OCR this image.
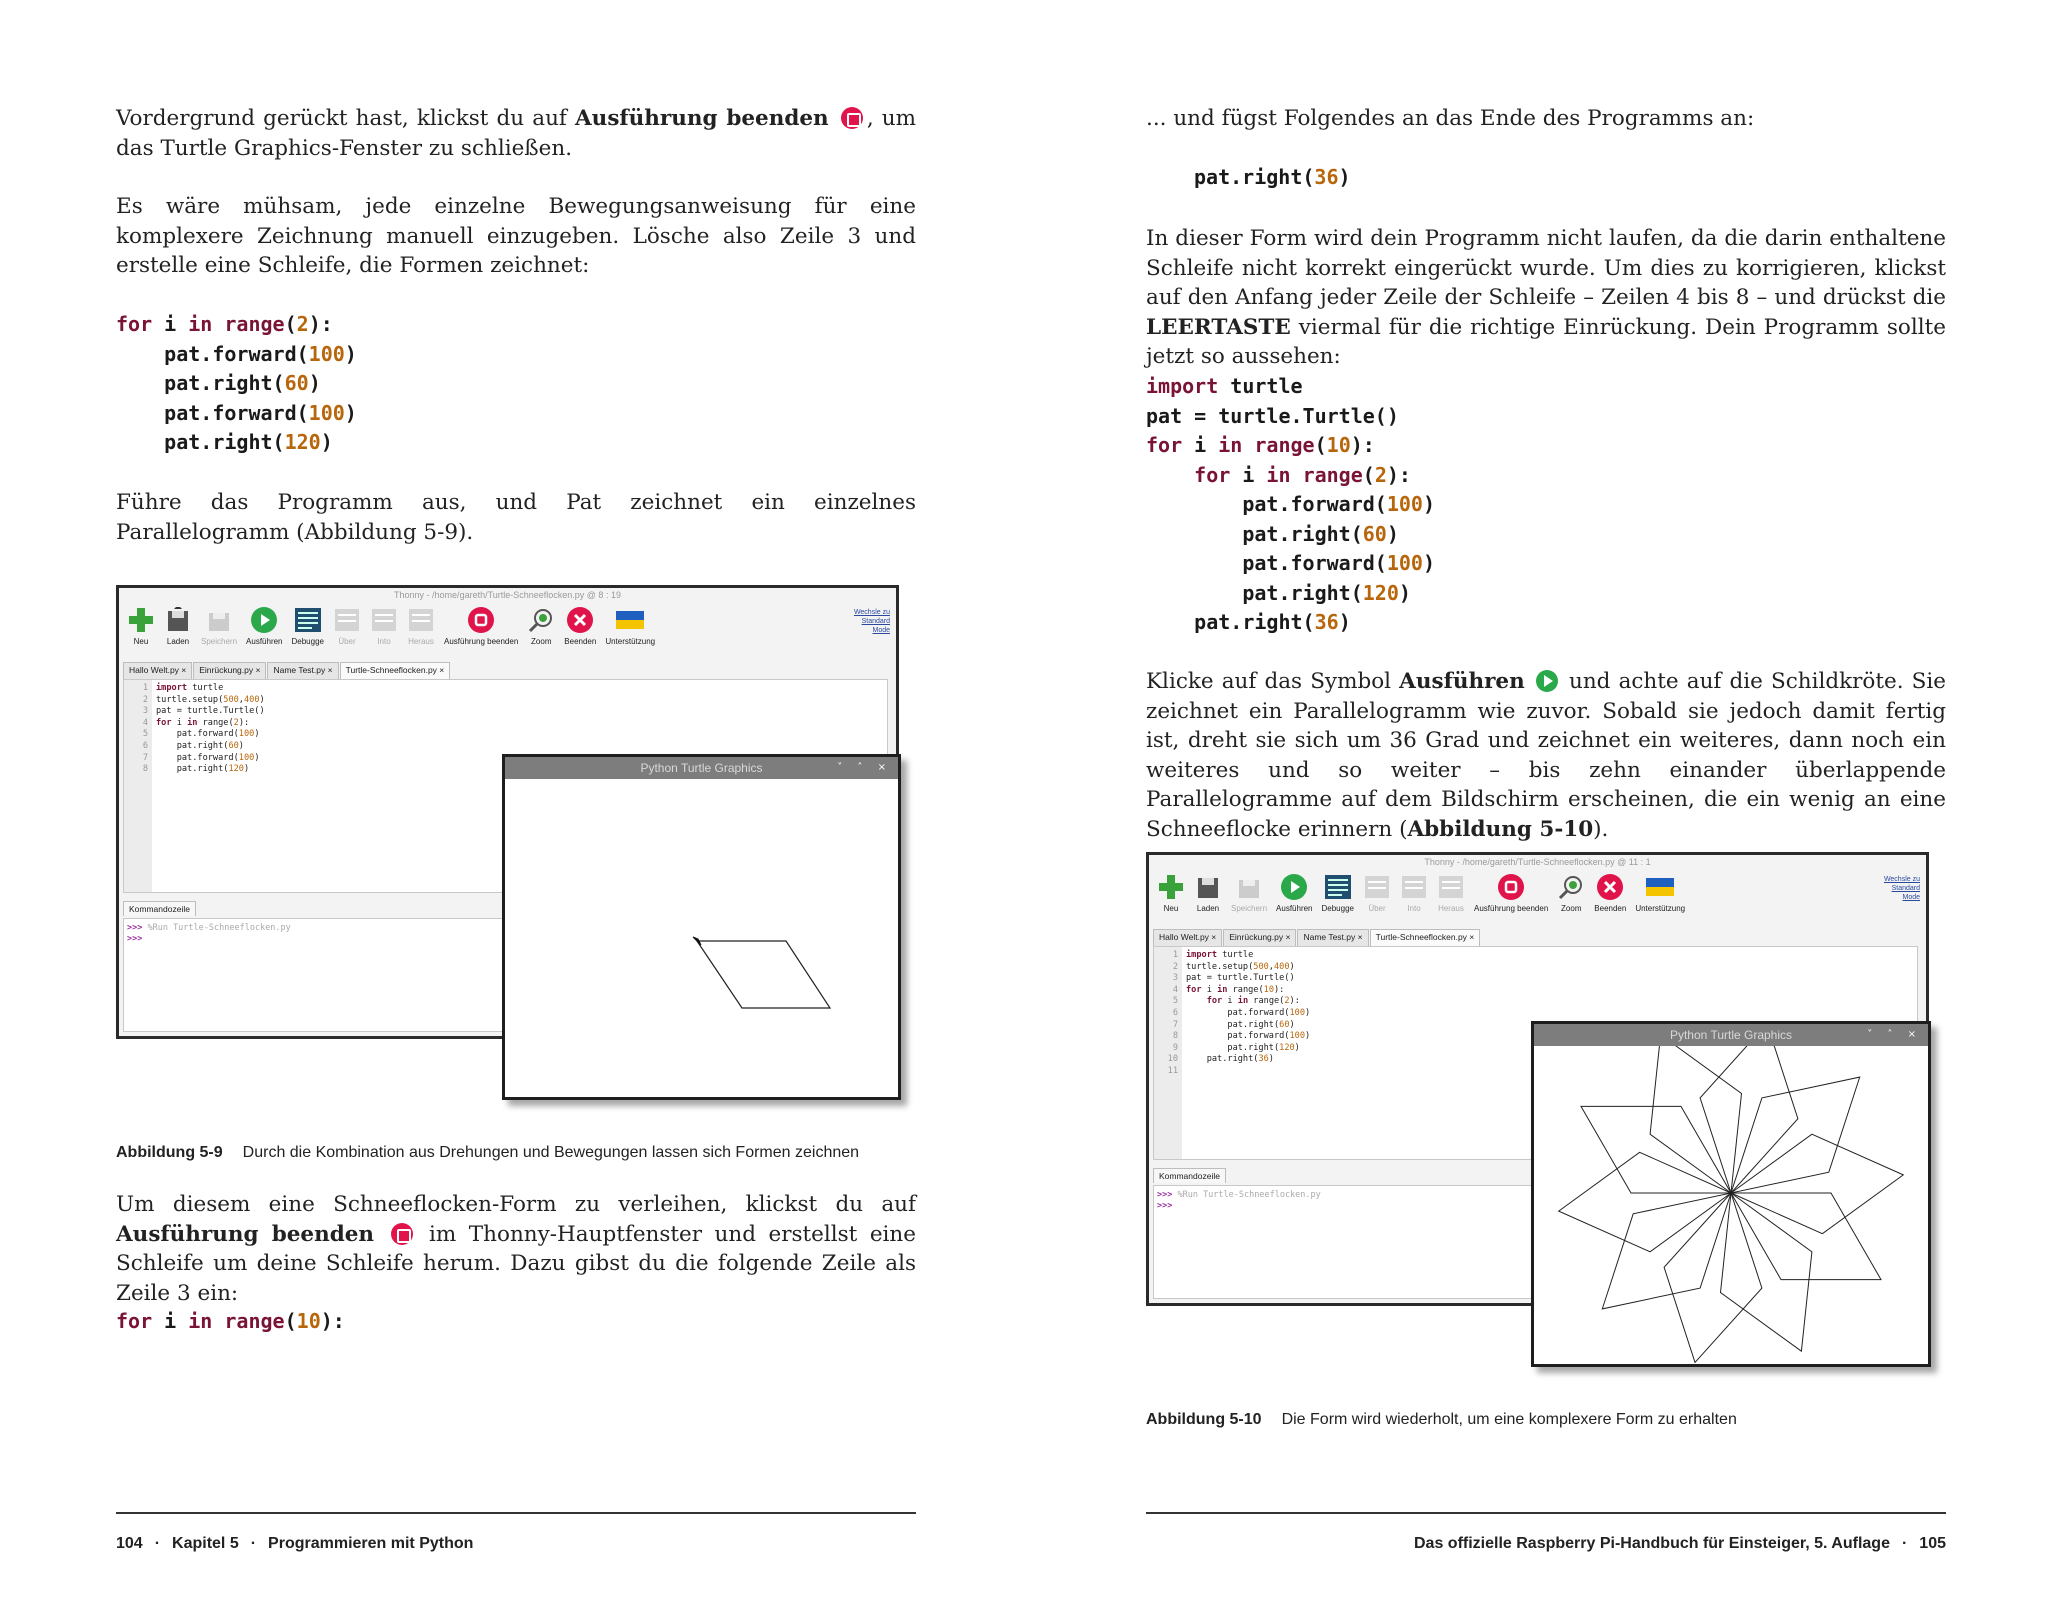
Vordergrund gerückt hast, klickst du auf Ausführung beenden , um das Turtle Graphics-Fenster zu schließen.

Es wäre mühsam, jede einzelne Bewegungsanweisung für eine komplexere Zeichnung manuell einzugeben. Lösche also Zeile 3 und erstelle eine Schleife, die Formen zeichnet:

for i in range(2):
pat.forward(100)
pat.right(60)
pat.forward(100)
pat.right(120)

Führe das Programm aus, und Pat zeichnet ein einzelnes Parallelogramm (Abbildung 5-9).

Thonny - /home/gareth/Turtle-Schneeflocken.py @ 8 : 19
Neu Laden Speichern Ausführen Debugge Über	Into Heraus Ausführung beenden Zoom Beenden Unterstützung
Wechsle zu
Standard
Mode
Hallo Welt.py ×	Einrückung.py ×	Name Test.py ×	Turtle-Schneeflocken.py ×
1
2
3
4
5
6
7
8
import turtle
turtle.setup(500,400)
pat = turtle.Turtle()
for i in range(2):
pat.forward(100)
pat.right(60)
pat.forward(100)
pat.right(120)
Kommandozeile
>>> %Run Turtle-Schneeflocken.py
>>>
Python Turtle Graphics	˅ ˄ ×

Abbildung 5-9 Durch die Kombination aus Drehungen und Bewegungen lassen sich Formen zeichnen

Um diesem eine Schneeflocken-Form zu verleihen, klickst du auf Ausführung beenden  im Thonny-Hauptfenster und erstellst eine Schleife um deine Schleife herum. Dazu gibst du die folgende Zeile als Zeile 3 ein:

for i in range(10):
104 · Kapitel 5 · Programmieren mit Python

... und fügst Folgendes an das Ende des Programms an:

pat.right(36)

In dieser Form wird dein Programm nicht laufen, da die darin enthaltene Schleife nicht korrekt eingerückt wurde. Um dies zu korrigieren, klickst auf den Anfang jeder Zeile der Schleife – Zeilen 4 bis 8 – und drückst die LEERTASTE viermal für die richtige Einrückung. Dein Programm sollte jetzt so aussehen:

import turtle
pat = turtle.Turtle()
for i in range(10):
for i in range(2):
pat.forward(100)
pat.right(60)
pat.forward(100)
pat.right(120)
pat.right(36)

Klicke auf das Symbol Ausführen  und achte auf die Schildkröte. Sie zeichnet ein Parallelogramm wie zuvor. Sobald sie jedoch damit fertig ist, dreht sie sich um 36 Grad und zeichnet ein weiteres, dann noch ein weiteres und so weiter – bis zehn einander überlappende Parallelogramme auf dem Bildschirm erscheinen, die ein wenig an eine Schneeflocke erinnern (Abbildung 5-10).

Thonny - /home/gareth/Turtle-Schneeflocken.py @ 11 : 1
Neu Laden Speichern Ausführen Debugge Über	Into Heraus Ausführung beenden Zoom Beenden Unterstützung
Wechsle zu
Standard
Mode
Hallo Welt.py ×	Einrückung.py ×	Name Test.py ×	Turtle-Schneeflocken.py ×
1
2
3
4
5
6
7
8
9
10
11
import turtle
turtle.setup(500,400)
pat = turtle.Turtle()
for i in range(10):
for i in range(2):
pat.forward(100)
pat.right(60)
pat.forward(100)
pat.right(120)
pat.right(36)
Kommandozeile
>>> %Run Turtle-Schneeflocken.py
>>>
Python Turtle Graphics	˅ ˄ ×

Abbildung 5-10 Die Form wird wiederholt, um eine komplexere Form zu erhalten

Das offizielle Raspberry Pi-Handbuch für Einsteiger, 5. Auflage · 105
